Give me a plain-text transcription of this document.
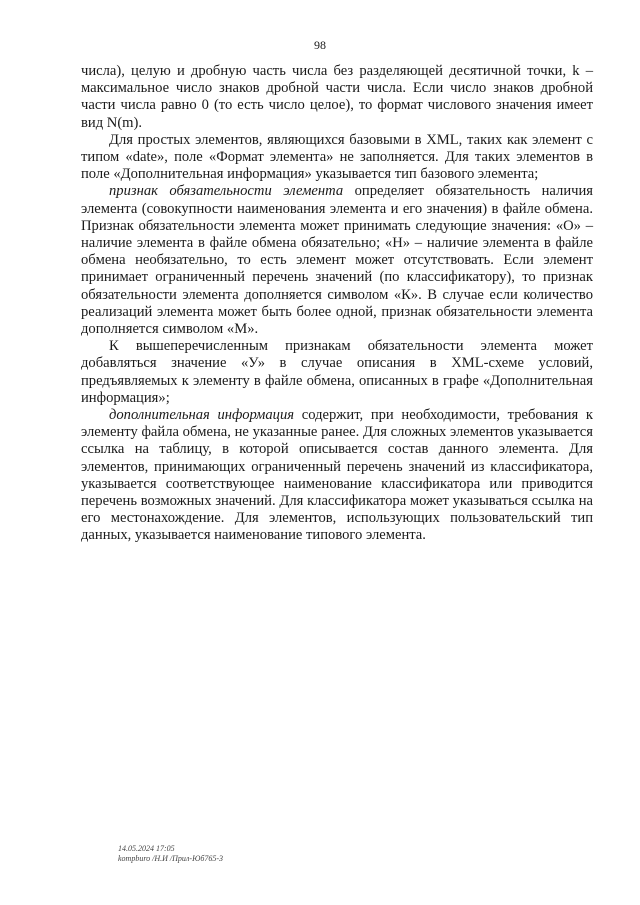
98

числа), целую и дробную часть числа без разделяющей десятичной точки, k – максимальное число знаков дробной части числа. Если число знаков дробной части числа равно 0 (то есть число целое), то формат числового значения имеет вид N(m).

Для простых элементов, являющихся базовыми в XML, таких как элемент с типом «date», поле «Формат элемента» не заполняется. Для таких элементов в поле «Дополнительная информация» указывается тип базового элемента;

признак обязательности элемента определяет обязательность наличия элемента (совокупности наименования элемента и его значения) в файле обмена. Признак обязательности элемента может принимать следующие значения: «О» – наличие элемента в файле обмена обязательно; «Н» – наличие элемента в файле обмена необязательно, то есть элемент может отсутствовать. Если элемент принимает ограниченный перечень значений (по классификатору), то признак обязательности элемента дополняется символом «К». В случае если количество реализаций элемента может быть более одной, признак обязательности элемента дополняется символом «М».

К вышеперечисленным признакам обязательности элемента может добавляться значение «У» в случае описания в XML-схеме условий, предъявляемых к элементу в файле обмена, описанных в графе «Дополнительная информация»;

дополнительная информация содержит, при необходимости, требования к элементу файла обмена, не указанные ранее. Для сложных элементов указывается ссылка на таблицу, в которой описывается состав данного элемента. Для элементов, принимающих ограниченный перечень значений из классификатора, указывается соответствующее наименование классификатора или приводится перечень возможных значений. Для классификатора может указываться ссылка на его местонахождение. Для элементов, использующих пользовательский тип данных, указывается наименование типового элемента.

14.05.2024 17:05
kompburo /Н.И /Прил-Юб765-3
